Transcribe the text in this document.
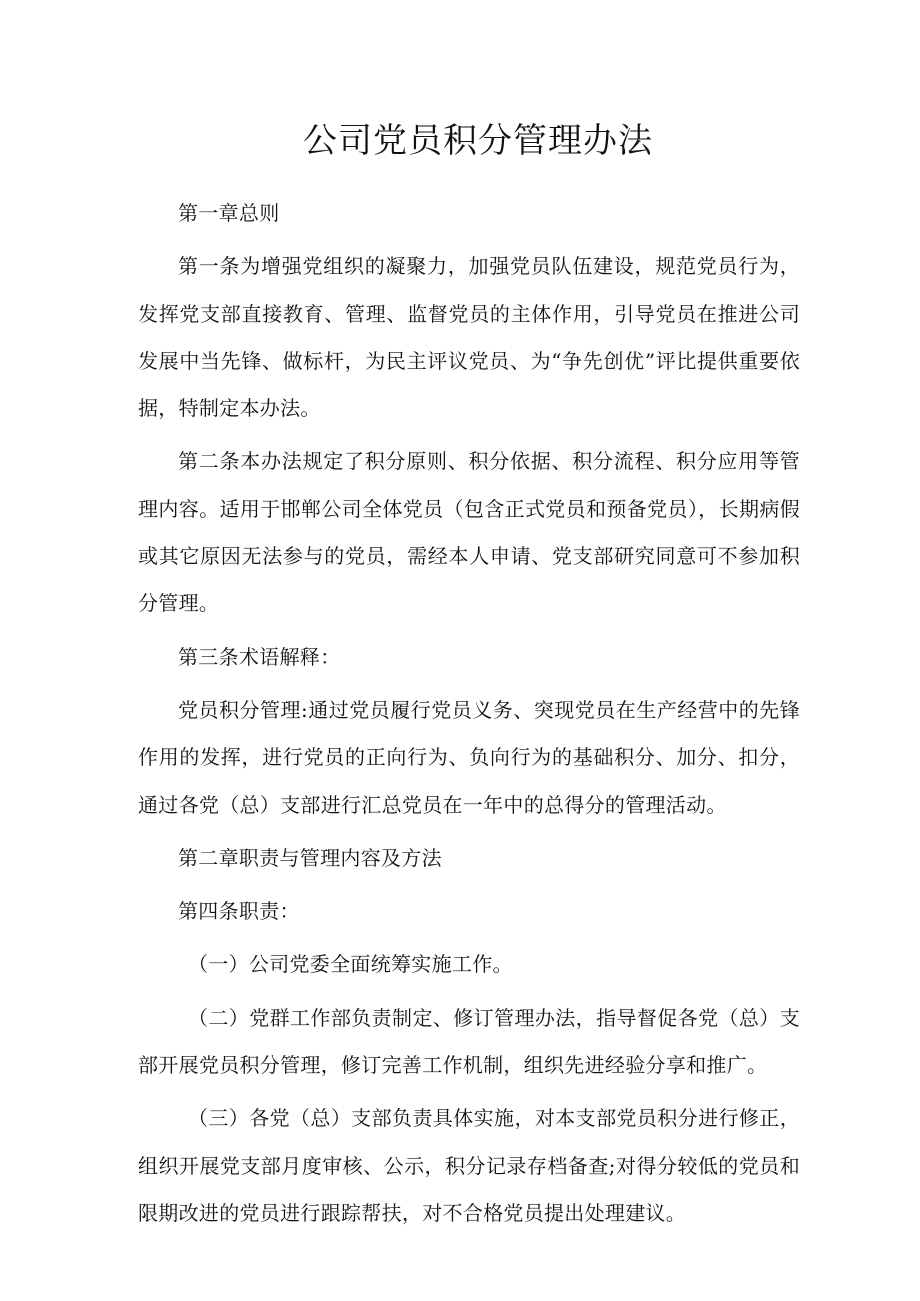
公司党员积分管理办法

第一章总则

第一条为增强党组织的凝聚力，加强党员队伍建设，规范党员行为，发挥党支部直接教育、管理、监督党员的主体作用，引导党员在推进公司发展中当先锋、做标杆，为民主评议党员、为“争先创优”评比提供重要依据，特制定本办法。

第二条本办法规定了积分原则、积分依据、积分流程、积分应用等管理内容。适用于邯郸公司全体党员（包含正式党员和预备党员），长期病假或其它原因无法参与的党员，需经本人申请、党支部研究同意可不参加积分管理。

第三条术语解释：

党员积分管理:通过党员履行党员义务、突现党员在生产经营中的先锋作用的发挥，进行党员的正向行为、负向行为的基础积分、加分、扣分，通过各党（总）支部进行汇总党员在一年中的总得分的管理活动。

第二章职责与管理内容及方法

第四条职责：

（一）公司党委全面统筹实施工作。

（二）党群工作部负责制定、修订管理办法，指导督促各党（总）支部开展党员积分管理，修订完善工作机制，组织先进经验分享和推广。

（三）各党（总）支部负责具体实施，对本支部党员积分进行修正，组织开展党支部月度审核、公示，积分记录存档备查;对得分较低的党员和限期改进的党员进行跟踪帮扶，对不合格党员提出处理建议。
